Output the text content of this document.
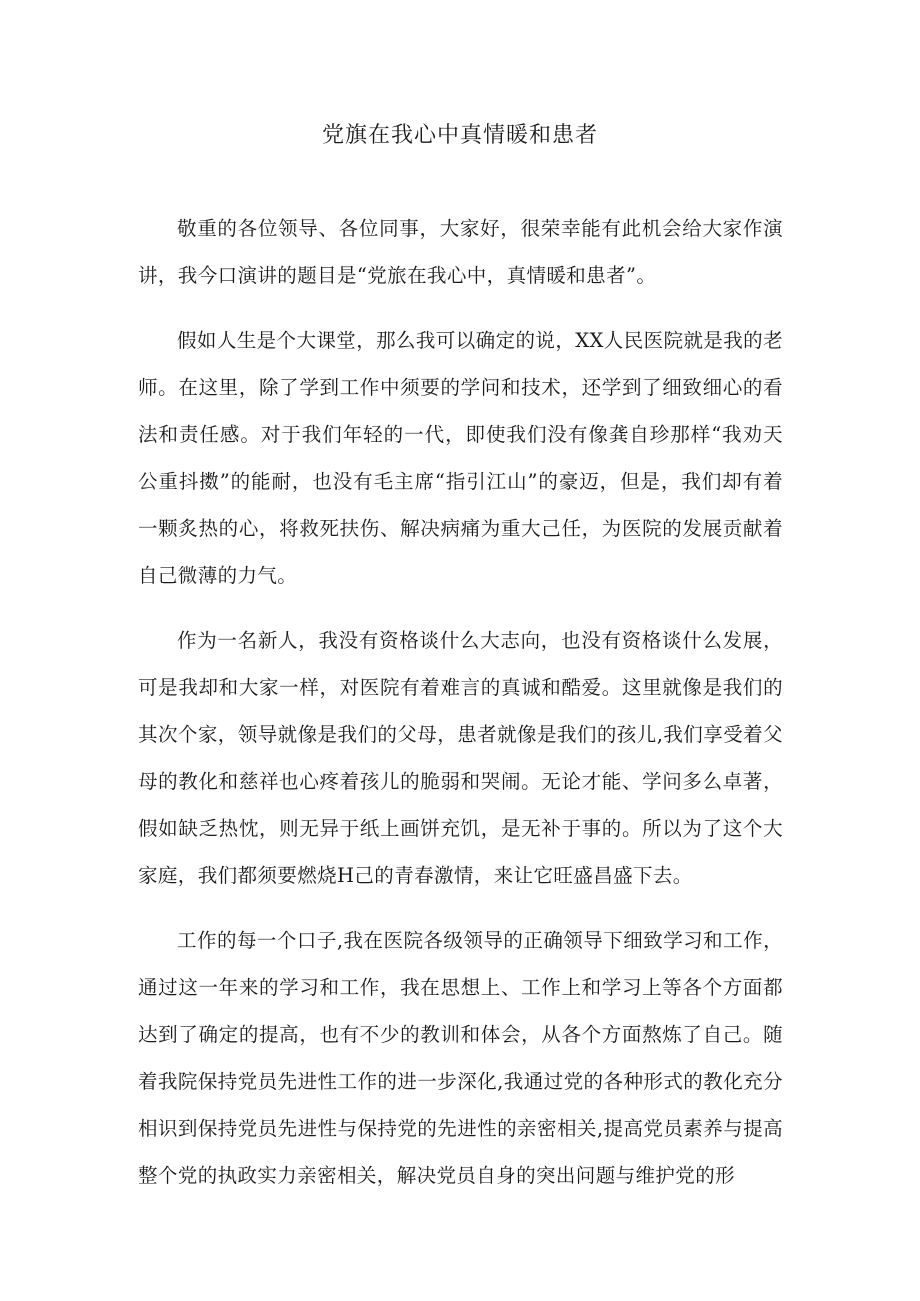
党旗在我心中真情暖和患者

敬重的各位领导、各位同事，大家好，很荣幸能有此机会给大家作演讲，我今口演讲的题目是“党旅在我心中，真情暖和患者”。

假如人生是个大课堂，那么我可以确定的说，XX人民医院就是我的老师。在这里，除了学到工作中须要的学问和技术，还学到了细致细心的看法和责任感。对于我们年轻的一代，即使我们没有像龚自珍那样“我劝天公重抖擞”的能耐，也没有毛主席“指引江山”的豪迈，但是，我们却有着一颗炙热的心，将救死扶伤、解决病痛为重大己任，为医院的发展贡献着自己微薄的力气。

作为一名新人，我没有资格谈什么大志向，也没有资格谈什么发展，可是我却和大家一样，对医院有着难言的真诚和酷爱。这里就像是我们的其次个家，领导就像是我们的父母，患者就像是我们的孩儿,我们享受着父母的教化和慈祥也心疼着孩儿的脆弱和哭闹。无论才能、学问多么卓著，假如缺乏热忱，则无异于纸上画饼充饥，是无补于事的。所以为了这个大家庭，我们都须要燃烧H己的青春激情，来让它旺盛昌盛下去。

工作的每一个口子,我在医院各级领导的正确领导下细致学习和工作，通过这一年来的学习和工作，我在思想上、工作上和学习上等各个方面都达到了确定的提高，也有不少的教训和体会，从各个方面熬炼了自己。随着我院保持党员先进性工作的进一步深化,我通过党的各种形式的教化充分相识到保持党员先进性与保持党的先进性的亲密相关,提高党员素养与提高整个党的执政实力亲密相关，解决党员自身的突出问题与维护党的形
